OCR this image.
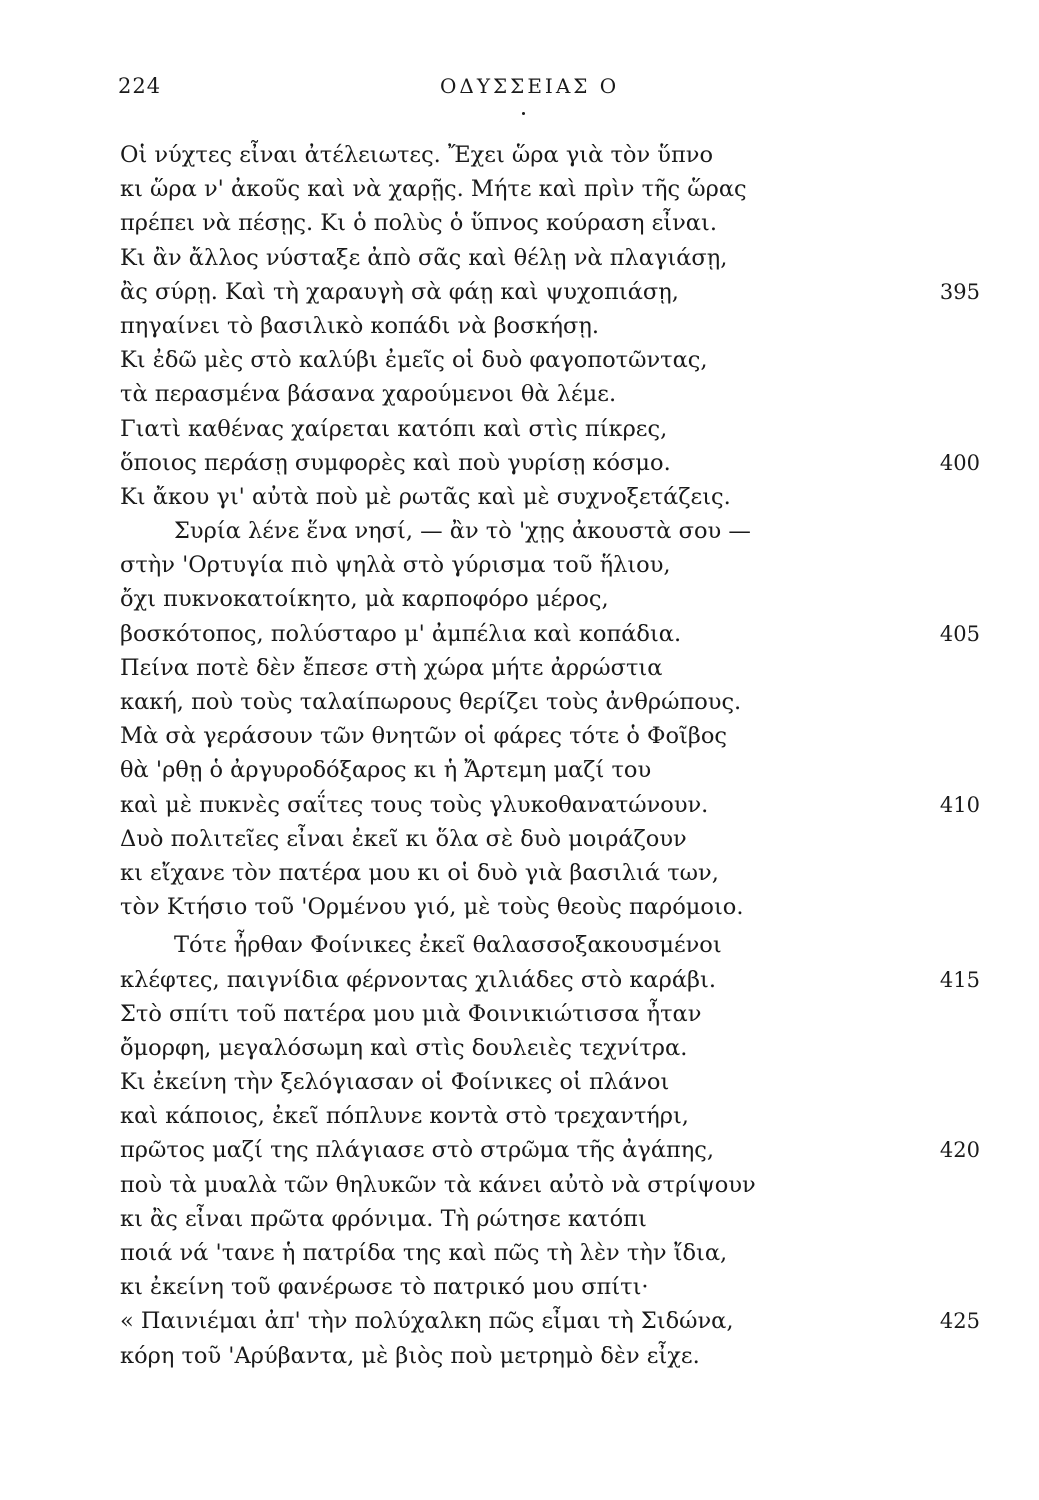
224	ΟΔΥΣΣΕΙΑΣ Ο
Οἱ νύχτες εἶναι ἀτέλειωτες. Ἔχει ὥρα γιὰ τὸν ὕπνο
κι ὥρα ν' ἀκοῦς καὶ νὰ χαρῇς. Μήτε καὶ πρὶν τῆς ὥρας
πρέπει νὰ πέσῃς. Κι ὁ πολὺς ὁ ὕπνος κούραση εἶναι.
Κι ἂν ἄλλος νύσταξε ἀπὸ σᾶς καὶ θέλῃ νὰ πλαγιάσῃ,
ἂς σύρῃ. Καὶ τὴ χαραυγὴ σὰ φάῃ καὶ ψυχοπιάσῃ,	395
πηγαίνει τὸ βασιλικὸ κοπάδι νὰ βοσκήσῃ.
Κι ἐδῶ μὲς στὸ καλύβι ἐμεῖς οἱ δυὸ φαγοποτῶντας,
τὰ περασμένα βάσανα χαρούμενοι θὰ λέμε.
Γιατὶ καθένας χαίρεται κατόπι καὶ στὶς πίκρες,
ὅποιος περάσῃ συμφορὲς καὶ ποὺ γυρίσῃ κόσμο.	400
Κι ἄκου γι' αὐτὰ ποὺ μὲ ρωτᾶς καὶ μὲ συχνοξετάζεις.
Συρία λένε ἕνα νησί, — ἂν τὸ 'χῃς ἀκουστὰ σου —
στὴν 'Ορτυγία πιὸ ψηλὰ στὸ γύρισμα τοῦ ἥλιου,
ὄχι πυκνοκατοίκητο, μὰ καρποφόρο μέρος,
βοσκότοπος, πολύσταρο μ' ἀμπέλια καὶ κοπάδια.	405
Πείνα ποτὲ δὲν ἔπεσε στὴ χώρα μήτε ἀρρώστια
κακή, ποὺ τοὺς ταλαίπωρους θερίζει τοὺς ἀνθρώπους.
Μὰ σὰ γεράσουν τῶν θνητῶν οἱ φάρες τότε ὁ Φοῖβος
θὰ 'ρθῃ ὁ ἀργυροδόξαρος κι ἡ Ἄρτεμη μαζί του
καὶ μὲ πυκνὲς σαΐτες τους τοὺς γλυκοθανατώνουν.	410
Δυὸ πολιτεῖες εἶναι ἐκεῖ κι ὅλα σὲ δυὸ μοιράζουν
κι εἴχανε τὸν πατέρα μου κι οἱ δυὸ γιὰ βασιλιά των,
τὸν Κτήσιο τοῦ 'Ορμένου γιό, μὲ τοὺς θεοὺς παρόμοιο.
Τότε ἦρθαν Φοίνικες ἐκεῖ θαλασσοξακουσμένοι
κλέφτες, παιγνίδια φέρνοντας χιλιάδες στὸ καράβι.	415
Στὸ σπίτι τοῦ πατέρα μου μιὰ Φοινικιώτισσα ἦταν
ὄμορφη, μεγαλόσωμη καὶ στὶς δουλειὲς τεχνίτρα.
Κι ἐκείνη τὴν ξελόγιασαν οἱ Φοίνικες οἱ πλάνοι
καὶ κάποιος, ἐκεῖ πόπλυνε κοντὰ στὸ τρεχαντήρι,
πρῶτος μαζί της πλάγιασε στὸ στρῶμα τῆς ἀγάπης,	420
ποὺ τὰ μυαλὰ τῶν θηλυκῶν τὰ κάνει αὐτὸ νὰ στρίψουν
κι ἂς εἶναι πρῶτα φρόνιμα. Τὴ ρώτησε κατόπι
ποιά νά 'τανε ἡ πατρίδα της καὶ πῶς τὴ λὲν τὴν ἴδια,
κι ἐκείνη τοῦ φανέρωσε τὸ πατρικό μου σπίτι·
« Παινιέμαι ἀπ' τὴν πολύχαλκη πῶς εἶμαι τὴ Σιδώνα,	425
κόρη τοῦ 'Αρύβαντα, μὲ βιὸς ποὺ μετρημὸ δὲν εἶχε.
